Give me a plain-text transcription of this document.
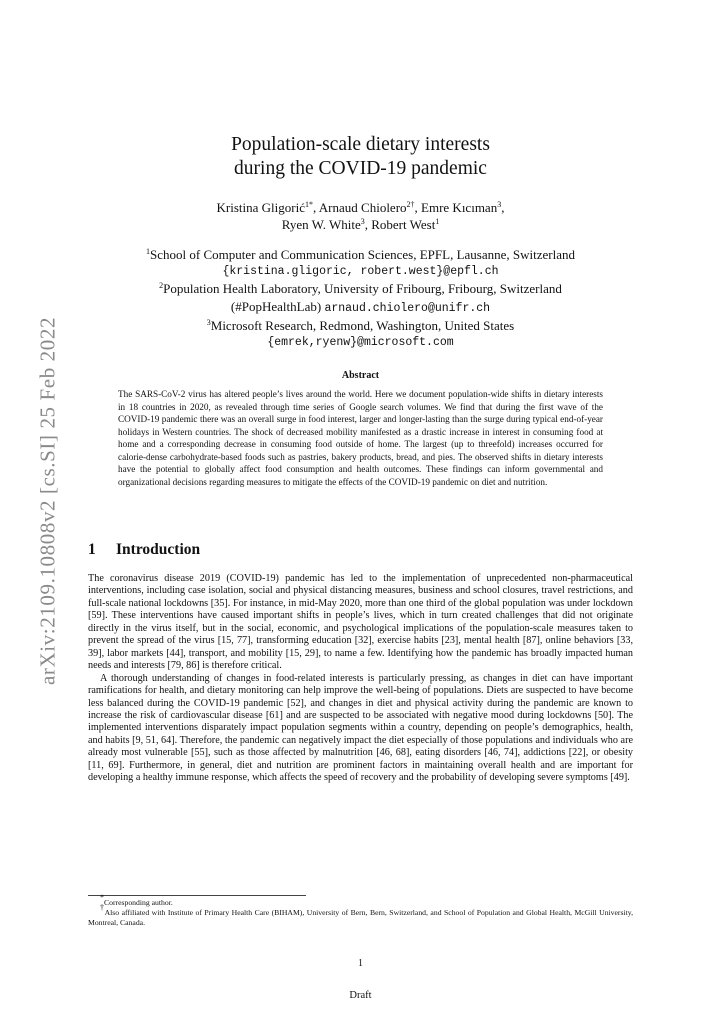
arXiv:2109.10808v2 [cs.SI] 25 Feb 2022
Population-scale dietary interests
during the COVID-19 pandemic
Kristina Gligorić$^{1*}$, Arnaud Chiolero$^{2\dagger}$, Emre Kıcıman$^3$,
Ryen W. White$^3$, Robert West$^1$
$^1$School of Computer and Communication Sciences, EPFL, Lausanne, Switzerland
{kristina.gligoric, robert.west}@epfl.ch
$^2$Population Health Laboratory, University of Fribourg, Fribourg, Switzerland
(#PopHealthLab) arnaud.chiolero@unifr.ch
$^3$Microsoft Research, Redmond, Washington, United States
{emrek,ryenw}@microsoft.com
Abstract

The SARS-CoV-2 virus has altered people’s lives around the world. Here we document population-wide shifts in dietary interests in 18 countries in 2020, as revealed through time series of Google search volumes. We find that during the first wave of the COVID-19 pandemic there was an overall surge in food interest, larger and longer-lasting than the surge during typical end-of-year holidays in Western countries. The shock of decreased mobility manifested as a drastic increase in interest in consuming food at home and a corresponding decrease in consuming food outside of home. The largest (up to threefold) increases occurred for calorie-dense carbohydrate-based foods such as pastries, bakery products, bread, and pies. The observed shifts in dietary interests have the potential to globally affect food consumption and health outcomes. These findings can inform governmental and organizational decisions regarding measures to mitigate the effects of the COVID-19 pandemic on diet and nutrition.

1 Introduction

The coronavirus disease 2019 (COVID-19) pandemic has led to the implementation of unprecedented non-pharmaceutical interventions, including case isolation, social and physical distancing measures, business and school closures, travel restrictions, and full-scale national lockdowns [35]. For instance, in mid-May 2020, more than one third of the global population was under lockdown [59]. These interventions have caused important shifts in people’s lives, which in turn created challenges that did not originate directly in the virus itself, but in the social, economic, and psychological implications of the population-scale measures taken to prevent the spread of the virus [15, 77], transforming education [32], exercise habits [23], mental health [87], online behaviors [33, 39], labor markets [44], transport, and mobility [15, 29], to name a few. Identifying how the pandemic has broadly impacted human needs and interests [79, 86] is therefore critical.

A thorough understanding of changes in food-related interests is particularly pressing, as changes in diet can have important ramifications for health, and dietary monitoring can help improve the well-being of populations. Diets are suspected to have become less balanced during the COVID-19 pandemic [52], and changes in diet and physical activity during the pandemic are known to increase the risk of cardiovascular disease [61] and are suspected to be associated with negative mood during lockdowns [50]. The implemented interventions disparately impact population segments within a country, depending on people’s demographics, health, and habits [9, 51, 64]. Therefore, the pandemic can negatively impact the diet especially of those populations and individuals who are already most vulnerable [55], such as those affected by malnutrition [46, 68], eating disorders [46, 74], addictions [22], or obesity [11, 69]. Furthermore, in general, diet and nutrition are prominent factors in maintaining overall health and are important for developing a healthy immune response, which affects the speed of recovery and the probability of developing severe symptoms [49].

*Corresponding author.

†Also affiliated with Institute of Primary Health Care (BIHAM), University of Bern, Bern, Switzerland, and School of Population and Global Health, McGill University, Montreal, Canada.

1
Draft
